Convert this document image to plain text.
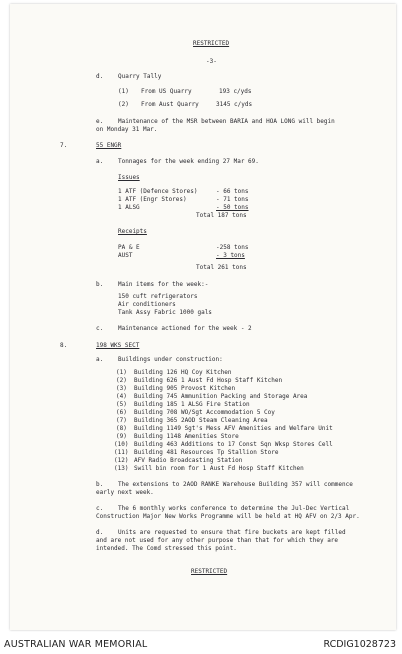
RESTRICTED
-3-
d. Quarry Tally
(1) From US Quarry	193 c/yds
(2) From Aust Quarry	3145 c/yds
e. Maintenance of the MSR between BARIA and HOA LONG will begin
on Monday 31 Mar.
7.	55 ENGR
a. Tonnages for the week ending 27 Mar 69.
Issues
1 ATF (Defence Stores)	- 66 tons
1 ATF (Engr Stores)	- 71 tons
1 ALSG	- 50 tons
Total 187 tons
Receipts
PA & E	-258 tons
AUST	- 3 tons
Total 261 tons
b. Main items for the week:-
150 cuft refrigerators
Air conditioners
Tank Assy Fabric 1000 gals
c. Maintenance actioned for the week - 2
8.	198 WKS SECT
a. Buildings under construction:
(1) Building 126 HQ Coy Kitchen
(2) Building 626 1 Aust Fd Hosp Staff Kitchen
(3) Building 905 Provost Kitchen
(4) Building 745 Ammunition Packing and Storage Area
(5) Building 185 1 ALSG Fire Station
(6) Building 708 WO/Sgt Accommodation 5 Coy
(7) Building 365 2AOD Steam Cleaning Area
(8) Building 1149 Sgt's Mess AFV Amenities and Welfare Unit
(9) Building 1148 Amenities Store
(10) Building 463 Additions to 17 Const Sqn Wksp Stores Cell
(11) Building 481 Resources Tp Stallion Store
(12) AFV Radio Broadcasting Station
(13) Swill bin room for 1 Aust Fd Hosp Staff Kitchen
b. The extensions to 2AOD RANKE Warehouse Building 357 will commence
early next week.
c. The 6 monthly works conference to determine the Jul-Dec Vertical
Construction Major New Works Programme will be held at HQ AFV on 2/3 Apr.
d. Units are requested to ensure that fire buckets are kept filled
and are not used for any other purpose than that for which they are
intended. The Comd stressed this point.
RESTRICTED
AUSTRALIAN WAR MEMORIAL	RCDIG1028723
